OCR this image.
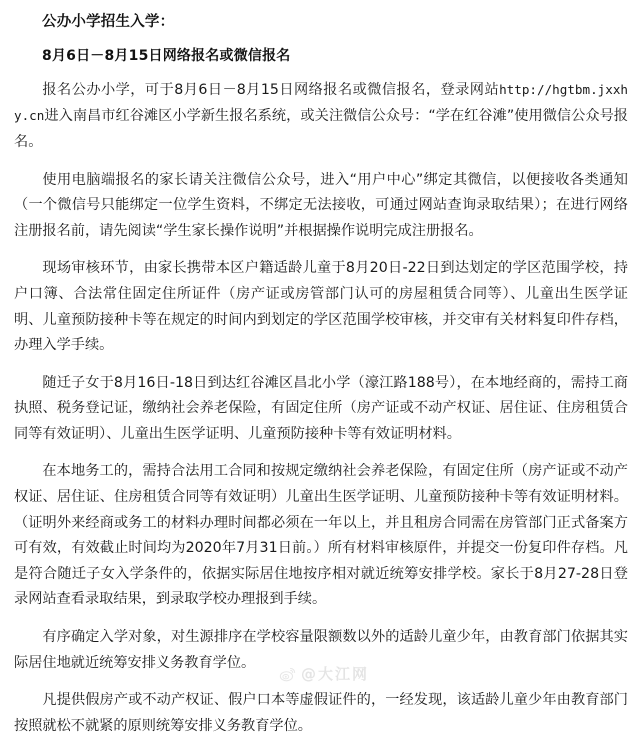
公办小学招生入学：
8月6日－8月15日网络报名或微信报名

报名公办小学，可于8月6日－8月15日网络报名或微信报名，登录网站http://hgtbm.jxxhy.cn进入南昌市红谷滩区小学新生报名系统，或关注微信公众号：“学在红谷滩”使用微信公众号报名。

使用电脑端报名的家长请关注微信公众号，进入“用户中心”绑定其微信，以便接收各类通知（一个微信号只能绑定一位学生资料，不绑定无法接收，可通过网站查询录取结果）；在进行网络注册报名前，请先阅读“学生家长操作说明”并根据操作说明完成注册报名。

现场审核环节，由家长携带本区户籍适龄儿童于8月20日-22日到达划定的学区范围学校，持户口簿、合法常住固定住所证件（房产证或房管部门认可的房屋租赁合同等）、儿童出生医学证明、儿童预防接种卡等在规定的时间内到划定的学区范围学校审核，并交审有关材料复印件存档，办理入学手续。

随迁子女于8月16日-18日到达红谷滩区昌北小学（濠江路188号），在本地经商的，需持工商执照、税务登记证，缴纳社会养老保险，有固定住所（房产证或不动产权证、居住证、住房租赁合同等有效证明）、儿童出生医学证明、儿童预防接种卡等有效证明材料。

在本地务工的，需持合法用工合同和按规定缴纳社会养老保险，有固定住所（房产证或不动产权证、居住证、住房租赁合同等有效证明）儿童出生医学证明、儿童预防接种卡等有效证明材料。（证明外来经商或务工的材料办理时间都必须在一年以上，并且租房合同需在房管部门正式备案方可有效，有效截止时间均为2020年7月31日前。）所有材料审核原件，并提交一份复印件存档。凡是符合随迁子女入学条件的，依据实际居住地按序相对就近统筹安排学校。家长于8月27-28日登录网站查看录取结果，到录取学校办理报到手续。

有序确定入学对象，对生源排序在学校容量限额数以外的适龄儿童少年，由教育部门依据其实际居住地就近统筹安排义务教育学位。

凡提供假房产或不动产权证、假户口本等虚假证件的，一经发现，该适龄儿童少年由教育部门按照就松不就紧的原则统筹安排义务教育学位。

@大江网
